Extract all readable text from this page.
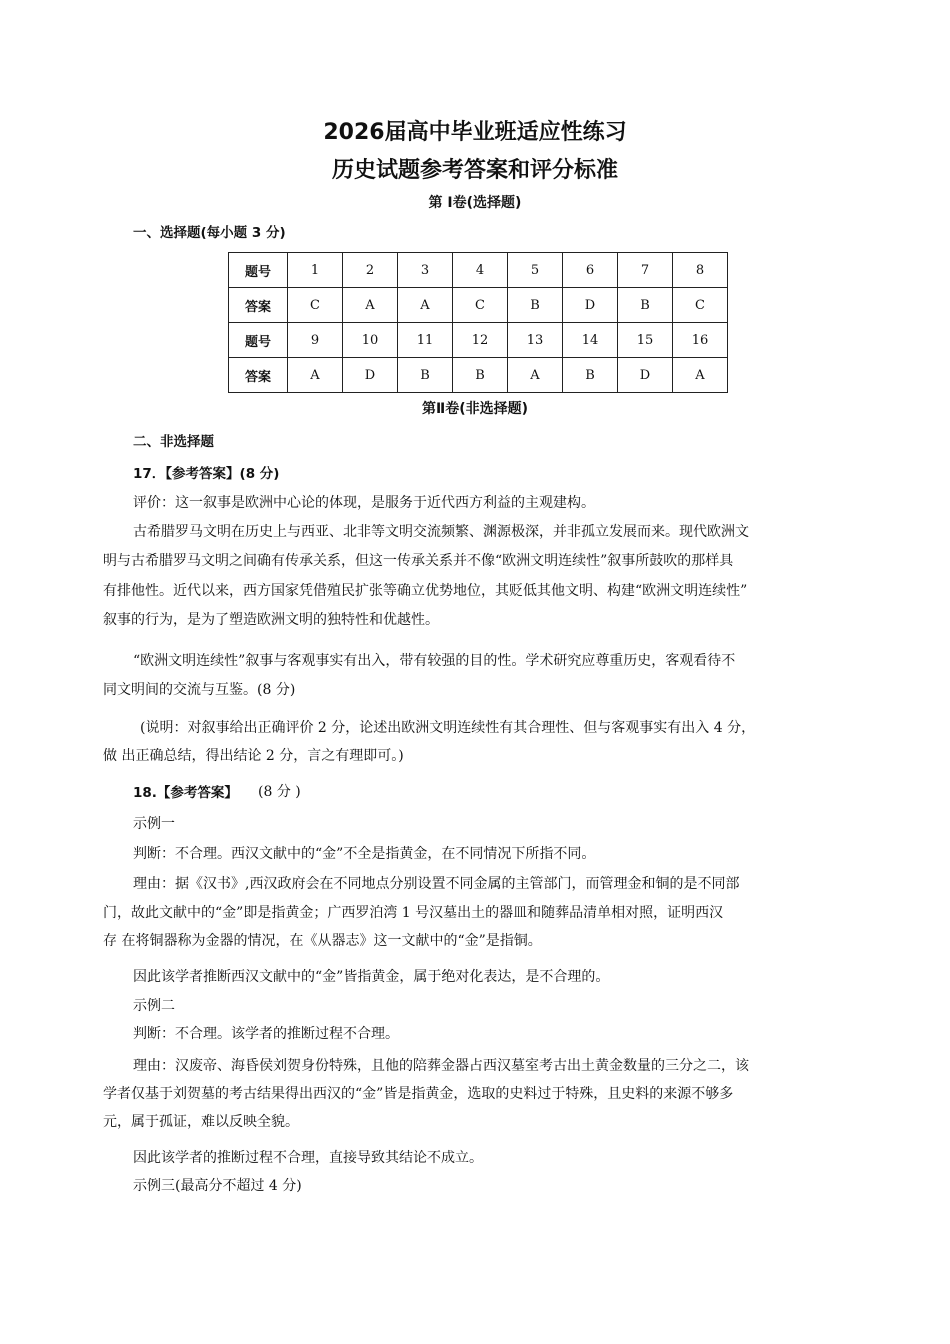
2026届高中毕业班适应性练习
历史试题参考答案和评分标准
第 Ⅰ卷(选择题)
一、选择题(每小题 3 分)
题号	1	2	3	4	5	6	7	8
答案	C	A	A	C	B	D	B	C
题号	9	10	11	12	13	14	15	16
答案	A	D	B	B	A	B	D	A
第Ⅱ卷(非选择题)
二、非选择题
17．【参考答案】(8 分)
评价：这一叙事是欧洲中心论的体现，是服务于近代西方利益的主观建构。
古希腊罗马文明在历史上与西亚、北非等文明交流频繁、渊源极深，并非孤立发展而来。现代欧洲文
明与古希腊罗马文明之间确有传承关系，但这一传承关系并不像“欧洲文明连续性”叙事所鼓吹的那样具
有排他性。近代以来，西方国家凭借殖民扩张等确立优势地位，其贬低其他文明、构建“欧洲文明连续性”
叙事的行为，是为了塑造欧洲文明的独特性和优越性。
“欧洲文明连续性”叙事与客观事实有出入，带有较强的目的性。学术研究应尊重历史，客观看待不
同文明间的交流与互鉴。(8 分)
(说明：对叙事给出正确评价 2 分，论述出欧洲文明连续性有其合理性、但与客观事实有出入 4 分，
做 出正确总结，得出结论 2 分，言之有理即可。)
18.【参考答案】 (8 分 )
示例一
判断：不合理。西汉文献中的“金”不全是指黄金，在不同情况下所指不同。
理由：据《汉书》,西汉政府会在不同地点分别设置不同金属的主管部门，而管理金和铜的是不同部
门，故此文献中的“金”即是指黄金；广西罗泊湾 1 号汉墓出土的器皿和随葬品清单相对照，证明西汉
存 在将铜器称为金器的情况，在《从器志》这一文献中的“金”是指铜。
因此该学者推断西汉文献中的“金”皆指黄金，属于绝对化表达，是不合理的。
示例二
判断：不合理。该学者的推断过程不合理。
理由：汉废帝、海昏侯刘贺身份特殊，且他的陪葬金器占西汉墓室考古出土黄金数量的三分之二，该
学者仅基于刘贺墓的考古结果得出西汉的“金”皆是指黄金，选取的史料过于特殊，且史料的来源不够多
元，属于孤证，难以反映全貌。
因此该学者的推断过程不合理，直接导致其结论不成立。
示例三(最高分不超过 4 分)
